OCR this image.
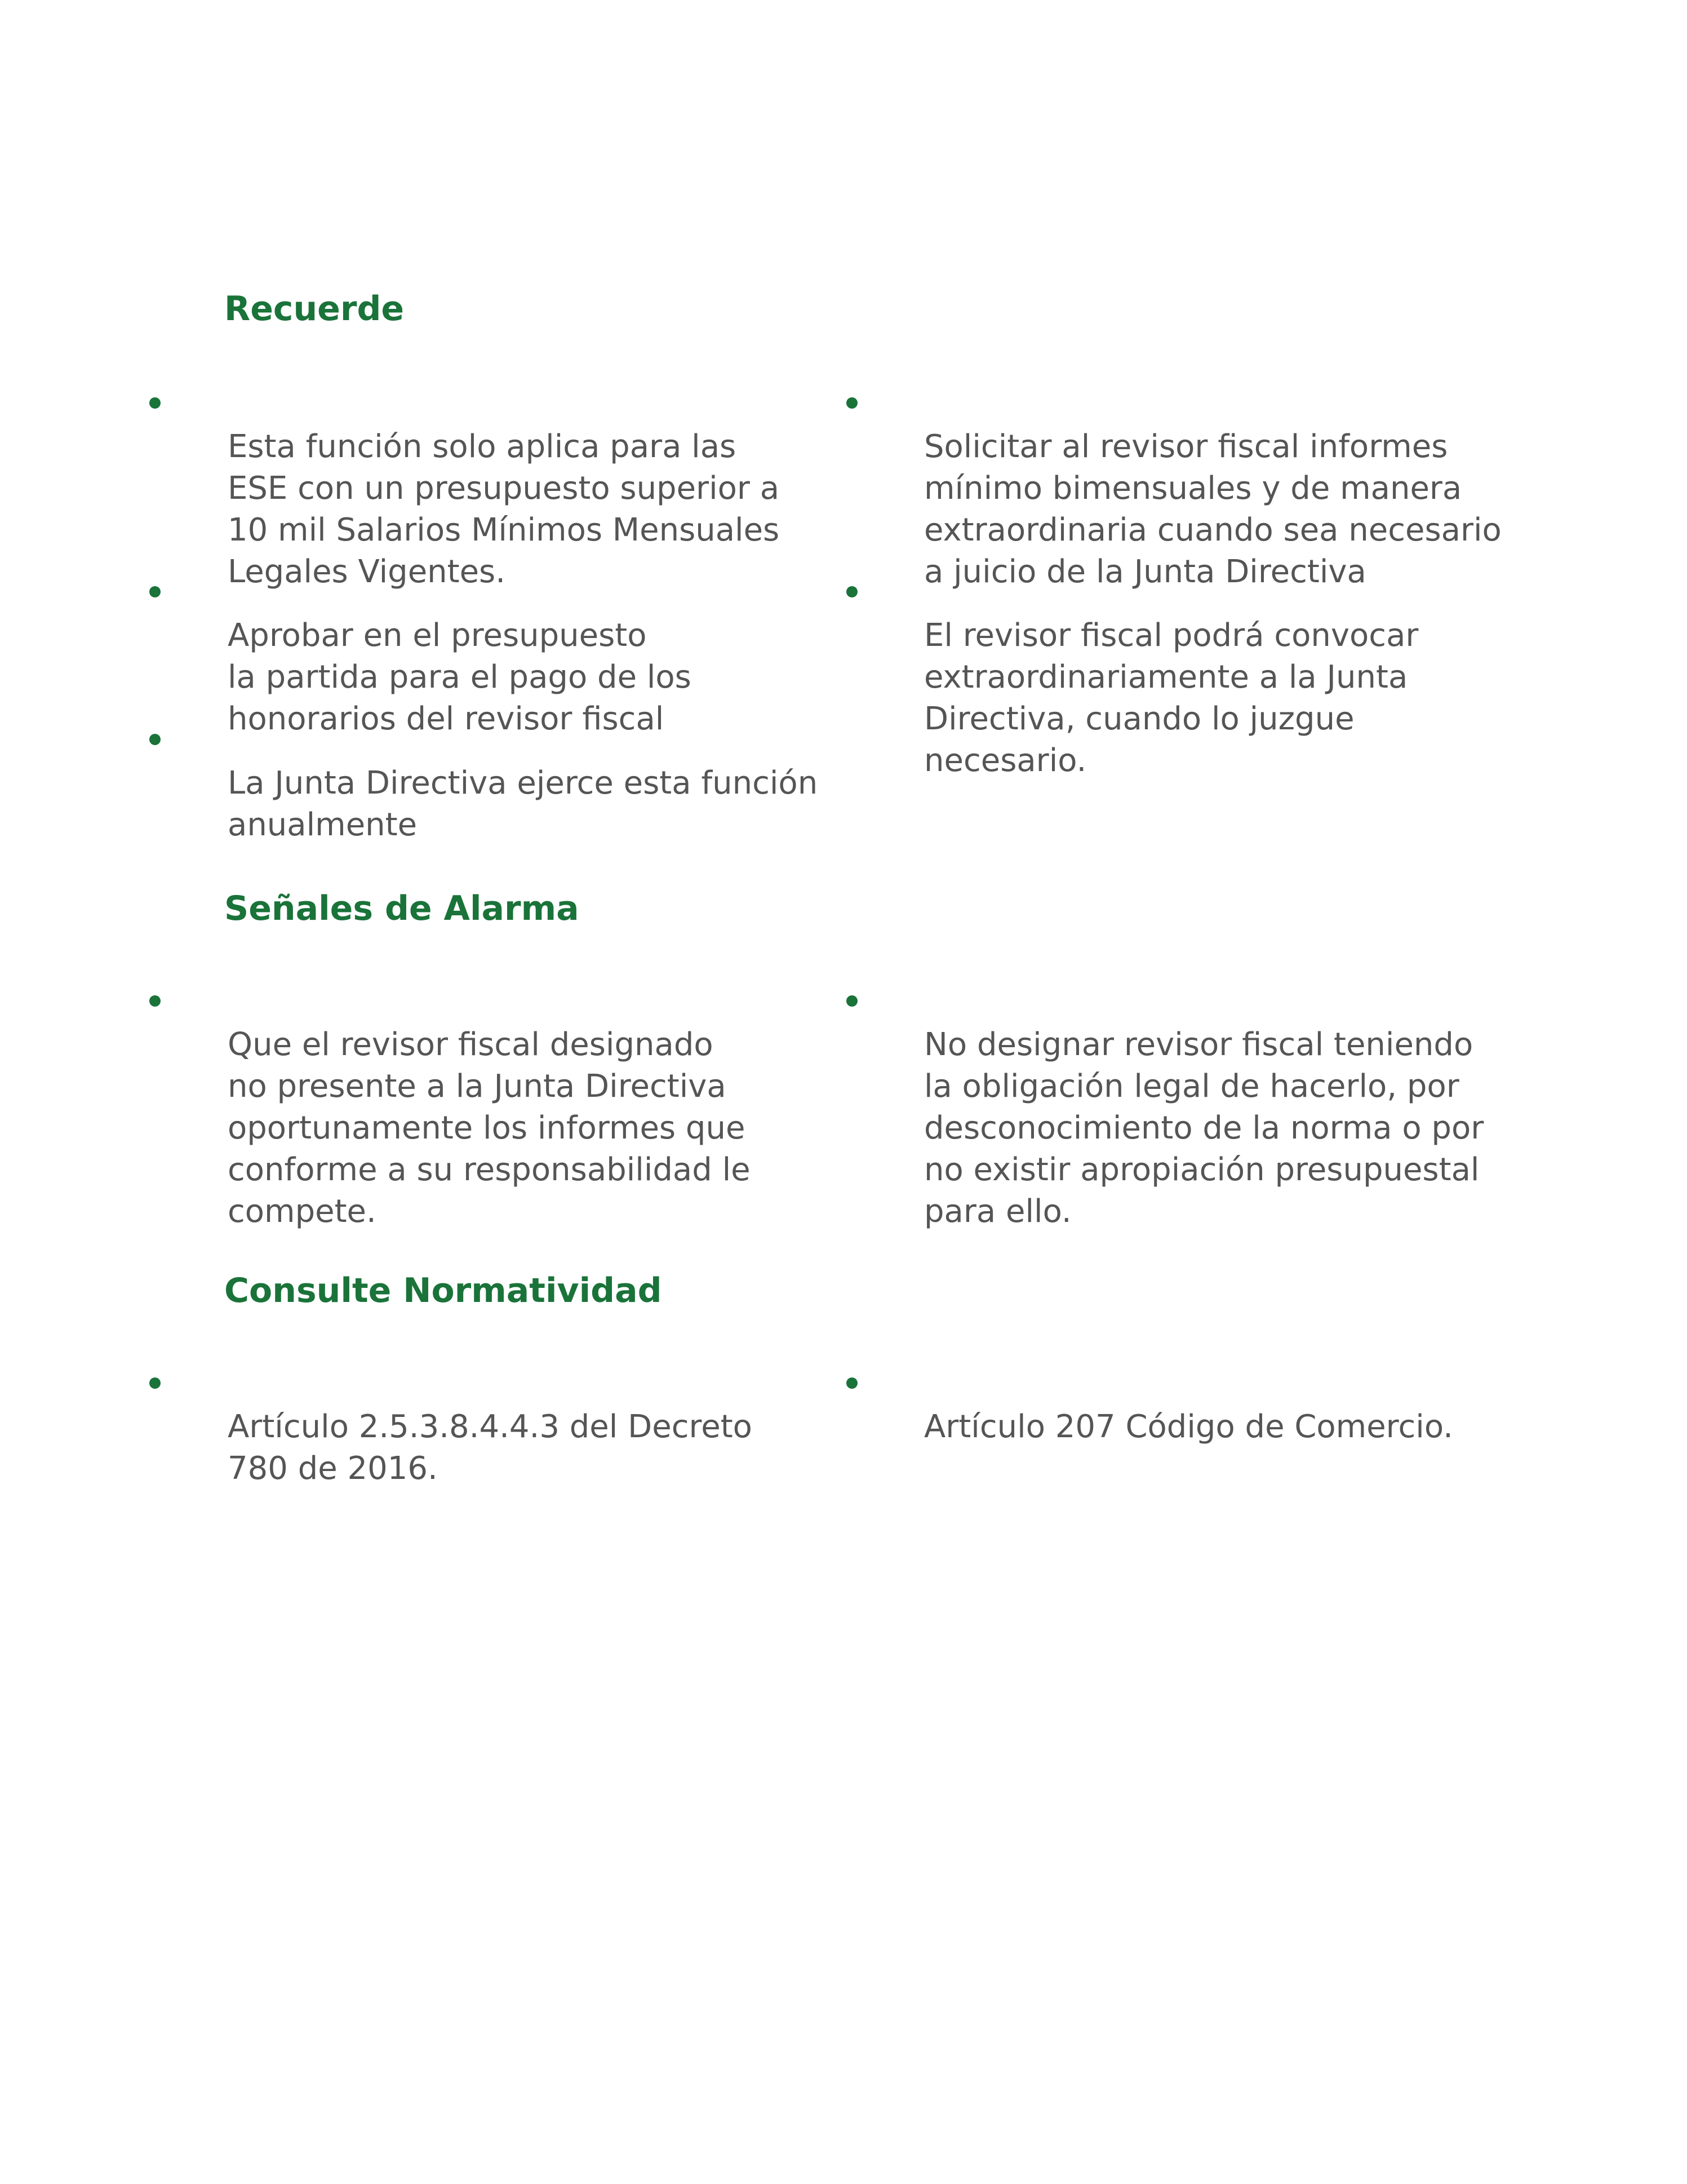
Recuerde

Esta función solo aplica para las
ESE con un presupuesto superior a
10 mil Salarios Mínimos Mensuales
Legales Vigentes.

Aprobar en el presupuesto
la partida para el pago de los
honorarios del revisor fiscal

La Junta Directiva ejerce esta función
anualmente

Solicitar al revisor fiscal informes
mínimo bimensuales y de manera
extraordinaria cuando sea necesario
a juicio de la Junta Directiva

El revisor fiscal podrá convocar
extraordinariamente a la Junta
Directiva, cuando lo juzgue necesario.

Señales de Alarma

Que el revisor fiscal designado
no presente a la Junta Directiva
oportunamente los informes que
conforme a su responsabilidad le
compete.

No designar revisor fiscal teniendo
la obligación legal de hacerlo, por
desconocimiento de la norma o por
no existir apropiación presupuestal
para ello.

Consulte Normatividad

Artículo 2.5.3.8.4.4.3 del Decreto
780 de 2016.

Artículo 207 Código de Comercio.
